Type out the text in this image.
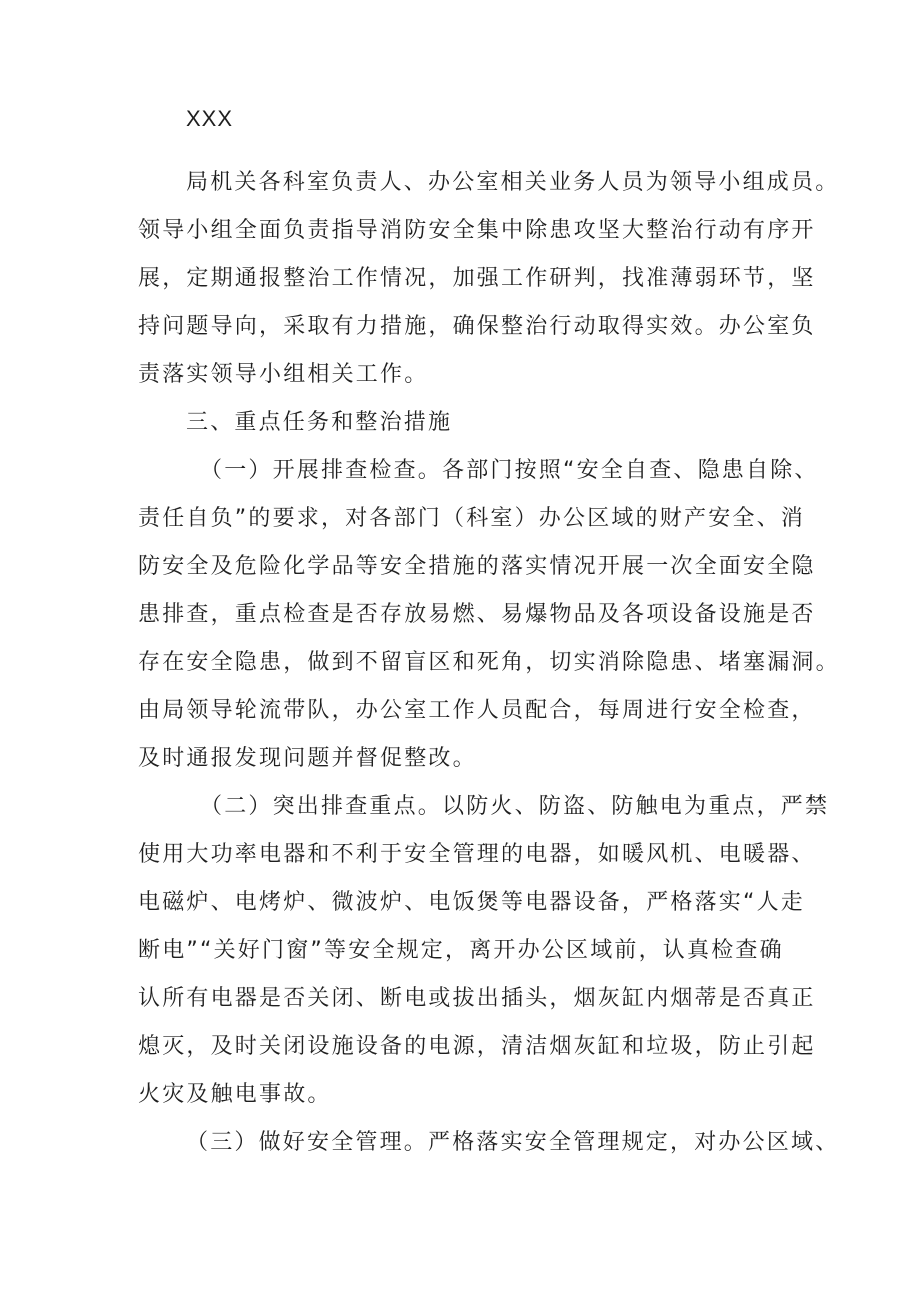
XXX
局机关各科室负责人、办公室相关业务人员为领导小组成员。
领导小组全面负责指导消防安全集中除患攻坚大整治行动有序开
展，定期通报整治工作情况，加强工作研判，找准薄弱环节，坚
持问题导向，采取有力措施，确保整治行动取得实效。办公室负
责落实领导小组相关工作。
三、重点任务和整治措施
（一）开展排查检查。各部门按照“安全自查、隐患自除、
责任自负”的要求，对各部门（科室）办公区域的财产安全、消
防安全及危险化学品等安全措施的落实情况开展一次全面安全隐
患排查，重点检查是否存放易燃、易爆物品及各项设备设施是否
存在安全隐患，做到不留盲区和死角，切实消除隐患、堵塞漏洞。
由局领导轮流带队，办公室工作人员配合，每周进行安全检查，
及时通报发现问题并督促整改。
（二）突出排查重点。以防火、防盗、防触电为重点，严禁
使用大功率电器和不利于安全管理的电器，如暖风机、电暖器、
电磁炉、电烤炉、微波炉、电饭煲等电器设备，严格落实“人走
断电”“关好门窗”等安全规定，离开办公区域前，认真检查确
认所有电器是否关闭、断电或拔出插头，烟灰缸内烟蒂是否真正
熄灭，及时关闭设施设备的电源，清洁烟灰缸和垃圾，防止引起
火灾及触电事故。
（三）做好安全管理。严格落实安全管理规定，对办公区域、
